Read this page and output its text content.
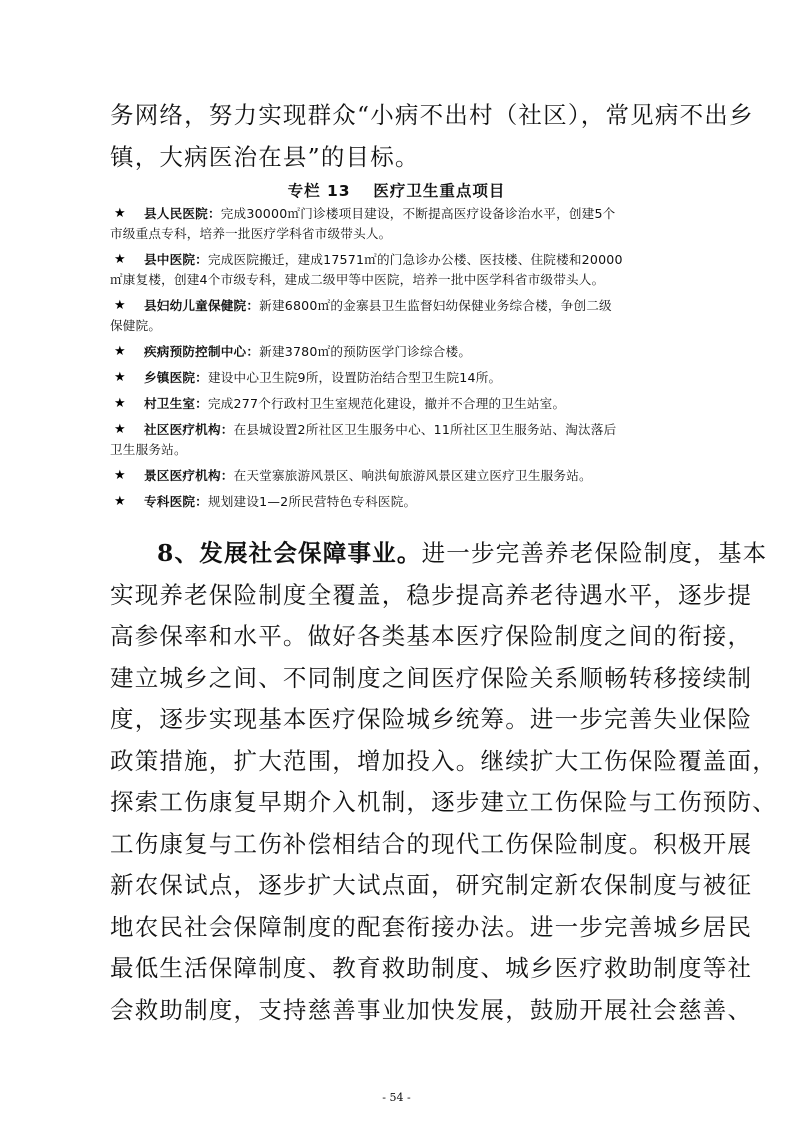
务网络，努力实现群众“小病不出村（社区），常见病不出乡
镇，大病医治在县”的目标。
专栏 13 医疗卫生重点项目
★ 县人民医院：完成30000㎡门诊楼项目建设，不断提高医疗设备诊治水平，创建5个
市级重点专科，培养一批医疗学科省市级带头人。
★ 县中医院：完成医院搬迁，建成17571㎡的门急诊办公楼、医技楼、住院楼和20000
㎡康复楼，创建4个市级专科，建成二级甲等中医院，培养一批中医学科省市级带头人。
★ 县妇幼儿童保健院：新建6800㎡的金寨县卫生监督妇幼保健业务综合楼，争创二级
保健院。
★ 疾病预防控制中心：新建3780㎡的预防医学门诊综合楼。
★ 乡镇医院：建设中心卫生院9所，设置防治结合型卫生院14所。
★ 村卫生室：完成277个行政村卫生室规范化建设，撤并不合理的卫生站室。
★ 社区医疗机构：在县城设置2所社区卫生服务中心、11所社区卫生服务站、淘汰落后
卫生服务站。
★ 景区医疗机构：在天堂寨旅游风景区、响洪甸旅游风景区建立医疗卫生服务站。
★ 专科医院：规划建设1—2所民营特色专科医院。
8、发展社会保障事业。进一步完善养老保险制度，基本
实现养老保险制度全覆盖，稳步提高养老待遇水平，逐步提
高参保率和水平。做好各类基本医疗保险制度之间的衔接，
建立城乡之间、不同制度之间医疗保险关系顺畅转移接续制
度，逐步实现基本医疗保险城乡统筹。进一步完善失业保险
政策措施，扩大范围，增加投入。继续扩大工伤保险覆盖面，
探索工伤康复早期介入机制，逐步建立工伤保险与工伤预防、
工伤康复与工伤补偿相结合的现代工伤保险制度。积极开展
新农保试点，逐步扩大试点面，研究制定新农保制度与被征
地农民社会保障制度的配套衔接办法。进一步完善城乡居民
最低生活保障制度、教育救助制度、城乡医疗救助制度等社
会救助制度，支持慈善事业加快发展，鼓励开展社会慈善、
- 54 -
